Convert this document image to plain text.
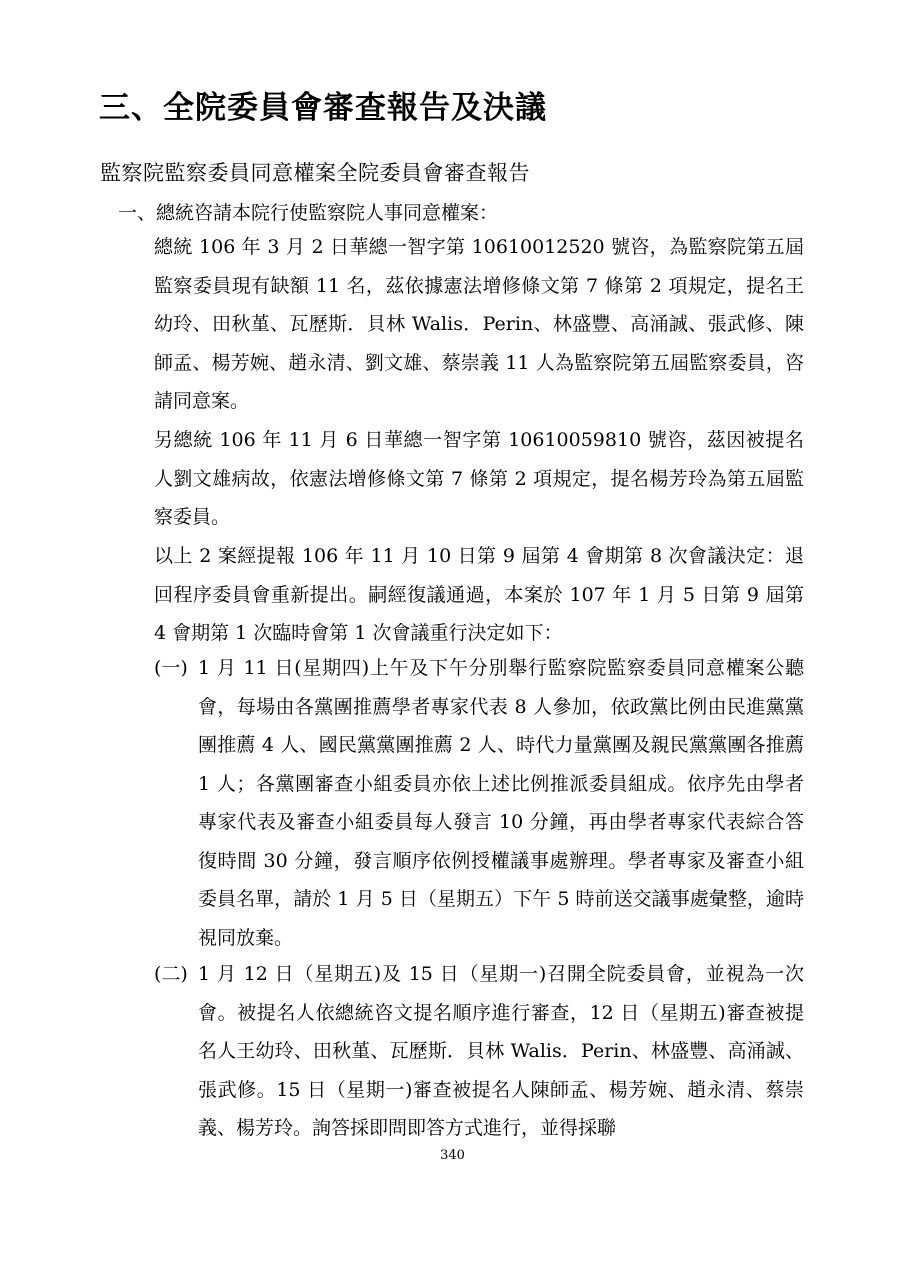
三、全院委員會審查報告及決議
監察院監察委員同意權案全院委員會審查報告

一、總統咨請本院行使監察院人事同意權案：

總統 106 年 3 月 2 日華總一智字第 10610012520 號咨，為監察院第五屆監察委員現有缺額 11 名，茲依據憲法增修條文第 7 條第 2 項規定，提名王幼玲、田秋堇、瓦歷斯．貝林 Walis．Perin、林盛豐、高涌誠、張武修、陳師孟、楊芳婉、趙永清、劉文雄、蔡崇義 11 人為監察院第五屆監察委員，咨請同意案。

另總統 106 年 11 月 6 日華總一智字第 10610059810 號咨，茲因被提名人劉文雄病故，依憲法增修條文第 7 條第 2 項規定，提名楊芳玲為第五屆監察委員。

以上 2 案經提報 106 年 11 月 10 日第 9 屆第 4 會期第 8 次會議決定：退回程序委員會重新提出。嗣經復議通過，本案於 107 年 1 月 5 日第 9 屆第 4 會期第 1 次臨時會第 1 次會議重行決定如下：

(一) 1 月 11 日(星期四)上午及下午分別舉行監察院監察委員同意權案公聽會，每場由各黨團推薦學者專家代表 8 人參加，依政黨比例由民進黨黨團推薦 4 人、國民黨黨團推薦 2 人、時代力量黨團及親民黨黨團各推薦 1 人；各黨團審查小組委員亦依上述比例推派委員組成。依序先由學者專家代表及審查小組委員每人發言 10 分鐘，再由學者專家代表綜合答復時間 30 分鐘，發言順序依例授權議事處辦理。學者專家及審查小組委員名單，請於 1 月 5 日（星期五）下午 5 時前送交議事處彙整，逾時視同放棄。
(二) 1 月 12 日（星期五)及 15 日（星期一)召開全院委員會，並視為一次會。被提名人依總統咨文提名順序進行審查，12 日（星期五)審查被提名人王幼玲、田秋堇、瓦歷斯．貝林 Walis．Perin、林盛豐、高涌誠、張武修。15 日（星期一)審查被提名人陳師孟、楊芳婉、趙永清、蔡崇義、楊芳玲。詢答採即問即答方式進行，並得採聯
340
